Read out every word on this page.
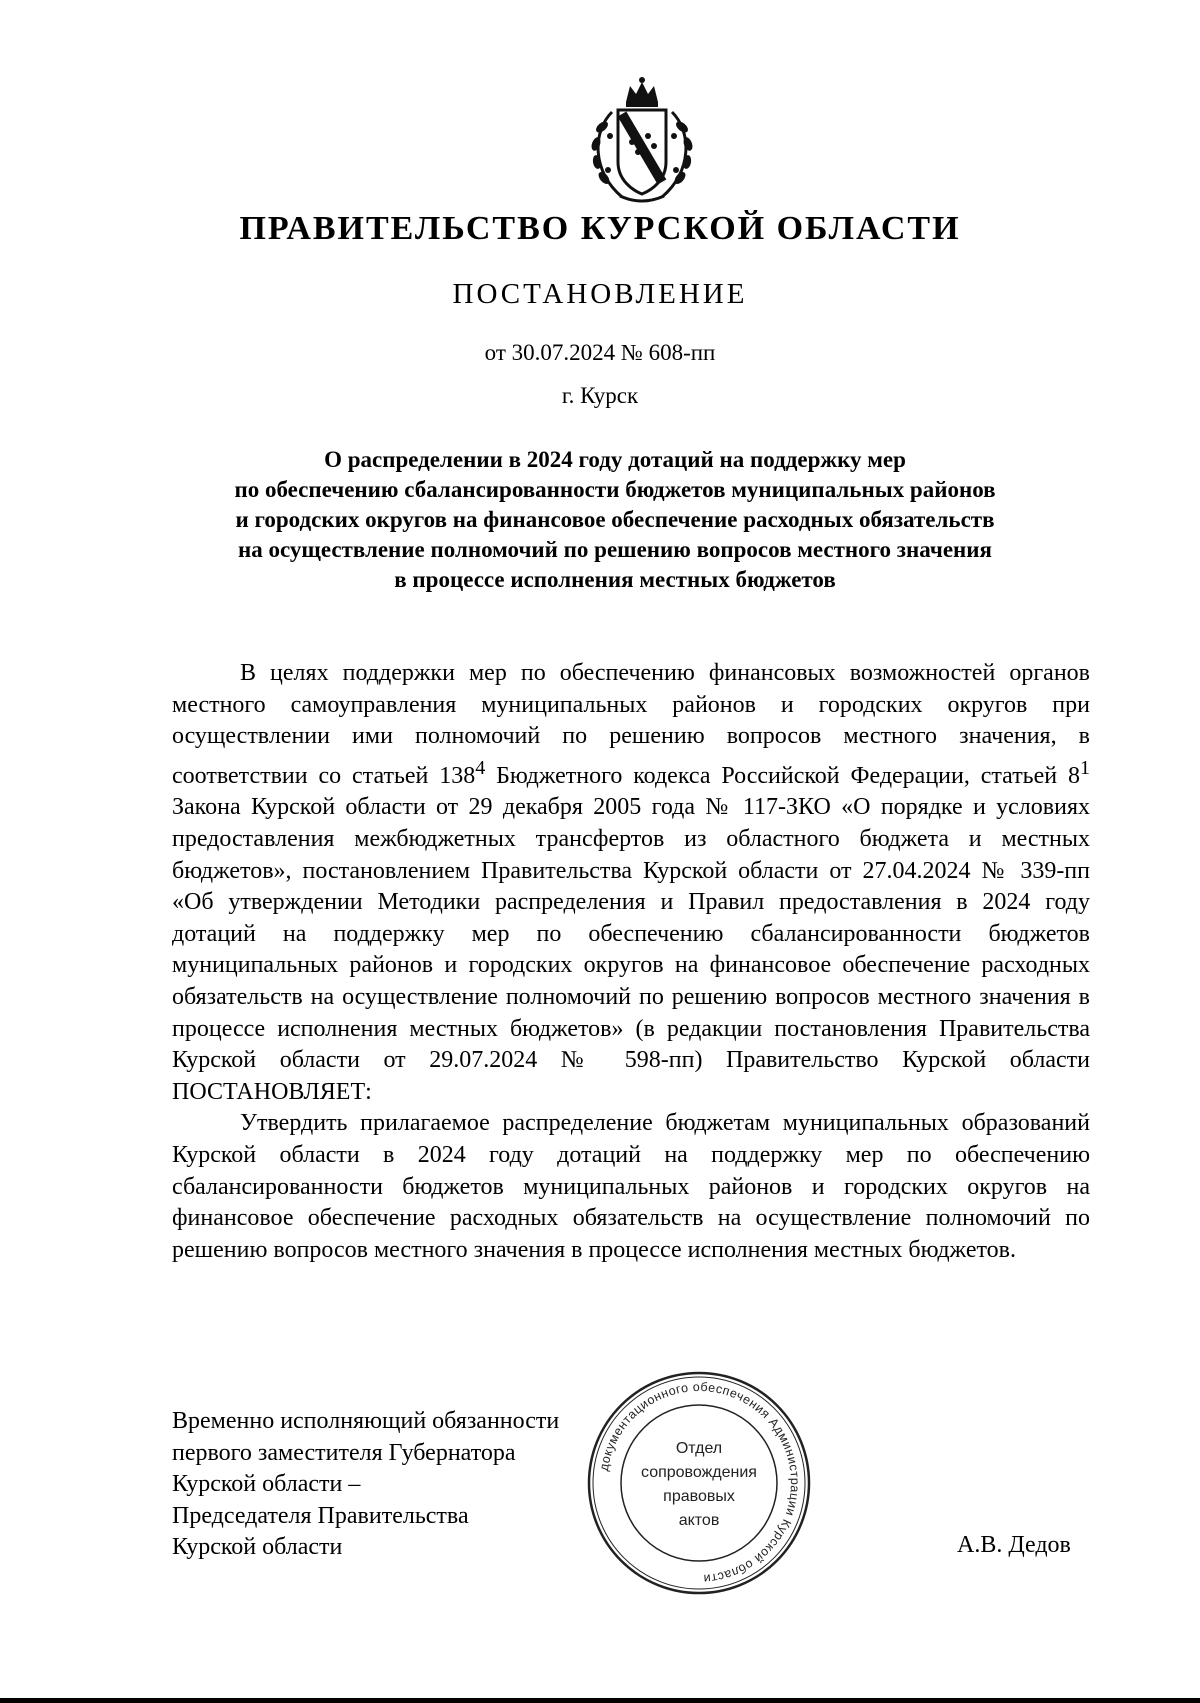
ПРАВИТЕЛЬСТВО КУРСКОЙ ОБЛАСТИ
ПОСТАНОВЛЕНИЕ
от 30.07.2024 № 608-пп
г. Курск
О распределении в 2024 году дотаций на поддержку мер
по обеспечению сбалансированности бюджетов муниципальных районов
и городских округов на финансовое обеспечение расходных обязательств
на осуществление полномочий по решению вопросов местного значения
в процессе исполнения местных бюджетов

В целях поддержки мер по обеспечению финансовых возможностей органов местного самоуправления муниципальных районов и городских округов при осуществлении ими полномочий по решению вопросов местного значения, в соответствии со статьей $138^4$ Бюджетного кодекса Российской Федерации, статьей $8^1$ Закона Курской области от 29 декабря 2005 года № 117-ЗКО «О порядке и условиях предоставления межбюджетных трансфертов из областного бюджета и местных бюджетов», постановлением Правительства Курской области от 27.04.2024 № 339-пп «Об утверждении Методики распределения и Правил предоставления в 2024 году дотаций на поддержку мер по обеспечению сбалансированности бюджетов муниципальных районов и городских округов на финансовое обеспечение расходных обязательств на осуществление полномочий по решению вопросов местного значения в процессе исполнения местных бюджетов» (в редакции постановления Правительства Курской области от 29.07.2024 № 598-пп) Правительство Курской области ПОСТАНОВЛЯЕТ:

Утвердить прилагаемое распределение бюджетам муниципальных образований Курской области в 2024 году дотаций на поддержку мер по обеспечению сбалансированности бюджетов муниципальных районов и городских округов на финансовое обеспечение расходных обязательств на осуществление полномочий по решению вопросов местного значения в процессе исполнения местных бюджетов.

Временно исполняющий обязанности
первого заместителя Губернатора
Курской области –
Председателя Правительства
Курской области	А.В. Дедов
документационного обеспечения Администрации Курской области
Отдел
сопровождения
правовых
актов
